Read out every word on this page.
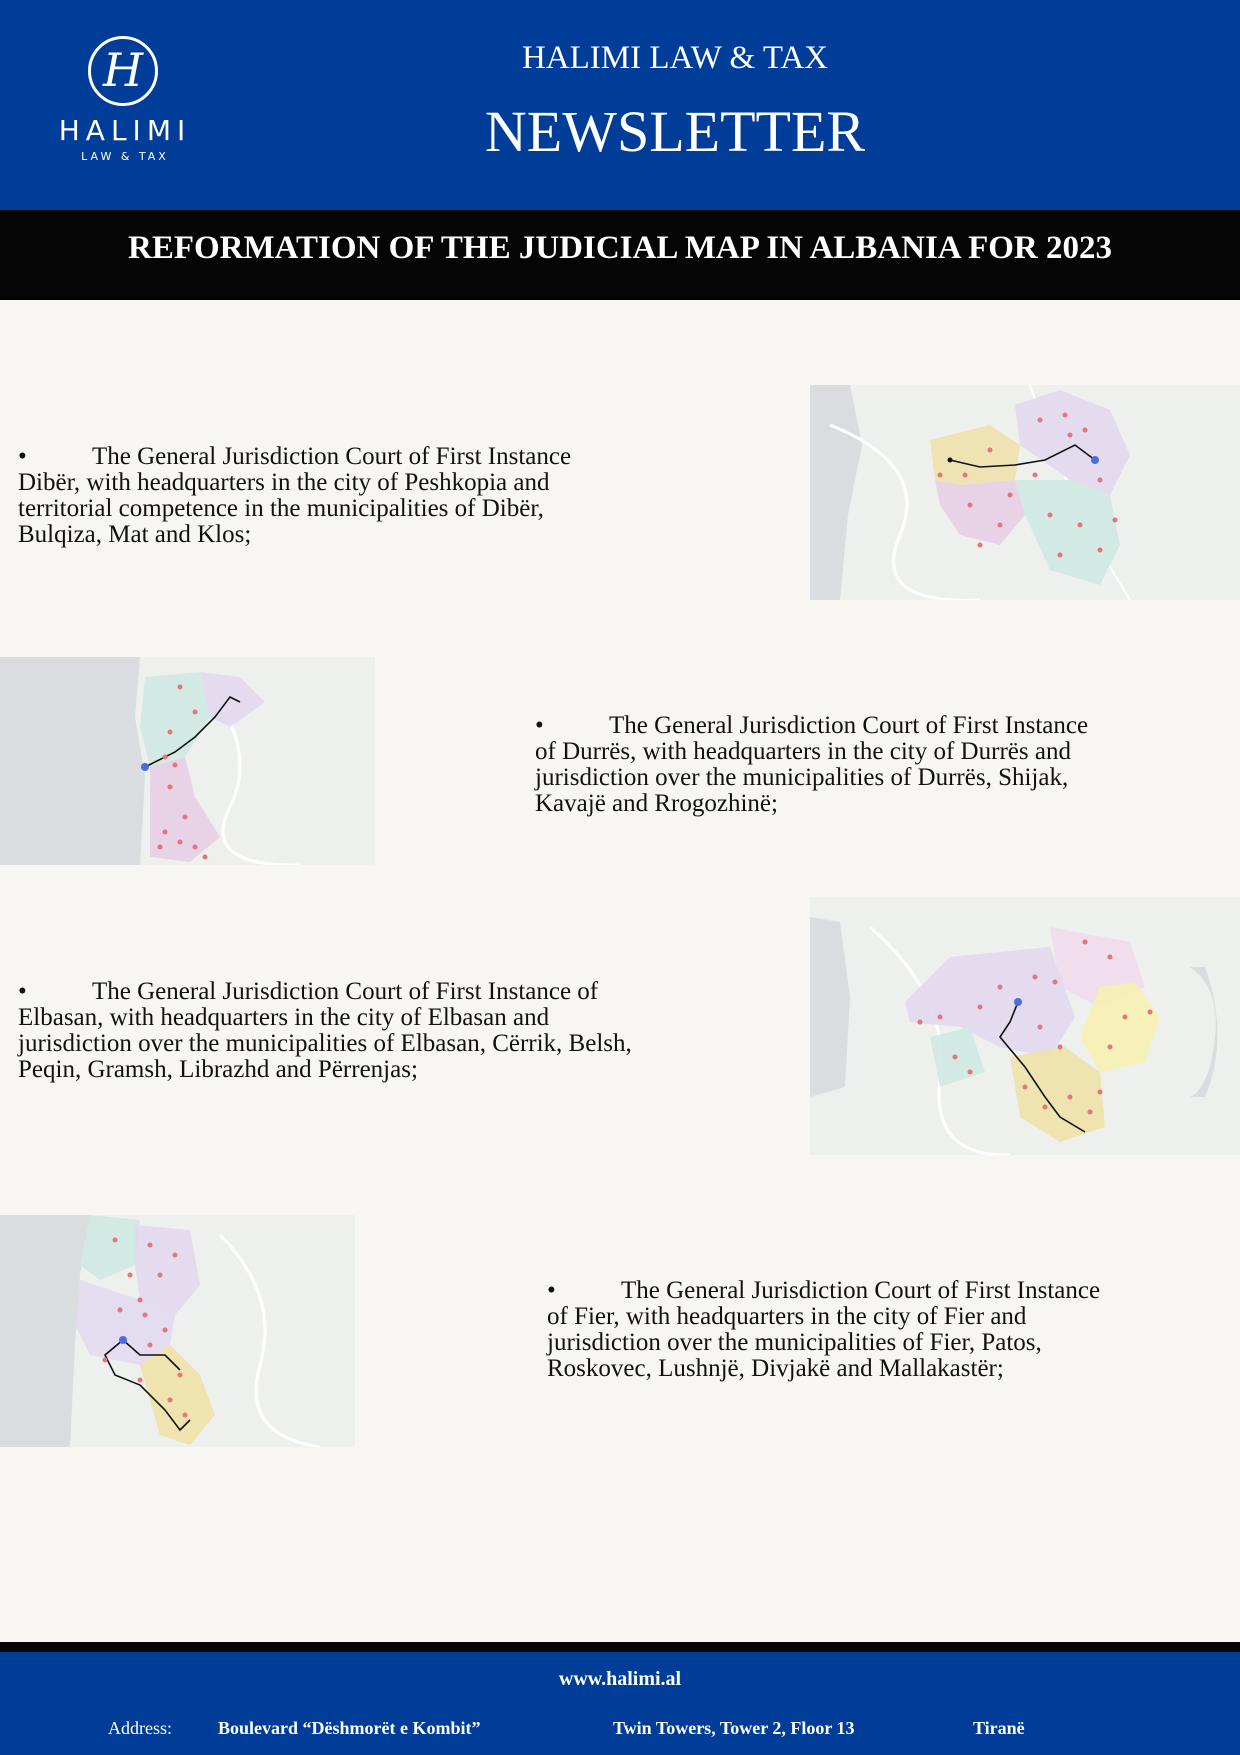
H
HALIMI
LAW & TAX
HALIMI LAW & TAX
NEWSLETTER
REFORMATION OF THE JUDICIAL MAP IN ALBANIA FOR 2023
•	The General Jurisdiction Court of First Instance
Dibër, with headquarters in the city of Peshkopia and
territorial competence in the municipalities of Dibër,
Bulqiza, Mat and Klos;
•	The General Jurisdiction Court of First Instance
of Durrës, with headquarters in the city of Durrës and
jurisdiction over the municipalities of Durrës, Shijak,
Kavajë and Rrogozhinë;
•	The General Jurisdiction Court of First Instance of
Elbasan, with headquarters in the city of Elbasan and
jurisdiction over the municipalities of Elbasan, Cërrik, Belsh,
Peqin, Gramsh, Librazhd and Përrenjas;
•	The General Jurisdiction Court of First Instance
of Fier, with headquarters in the city of Fier and
jurisdiction over the municipalities of Fier, Patos,
Roskovec, Lushnjë, Divjakë and Mallakastër;
www.halimi.al
Address:	Boulevard “Dëshmorët e Kombit”	Twin Towers, Tower 2, Floor 13	Tiranë
